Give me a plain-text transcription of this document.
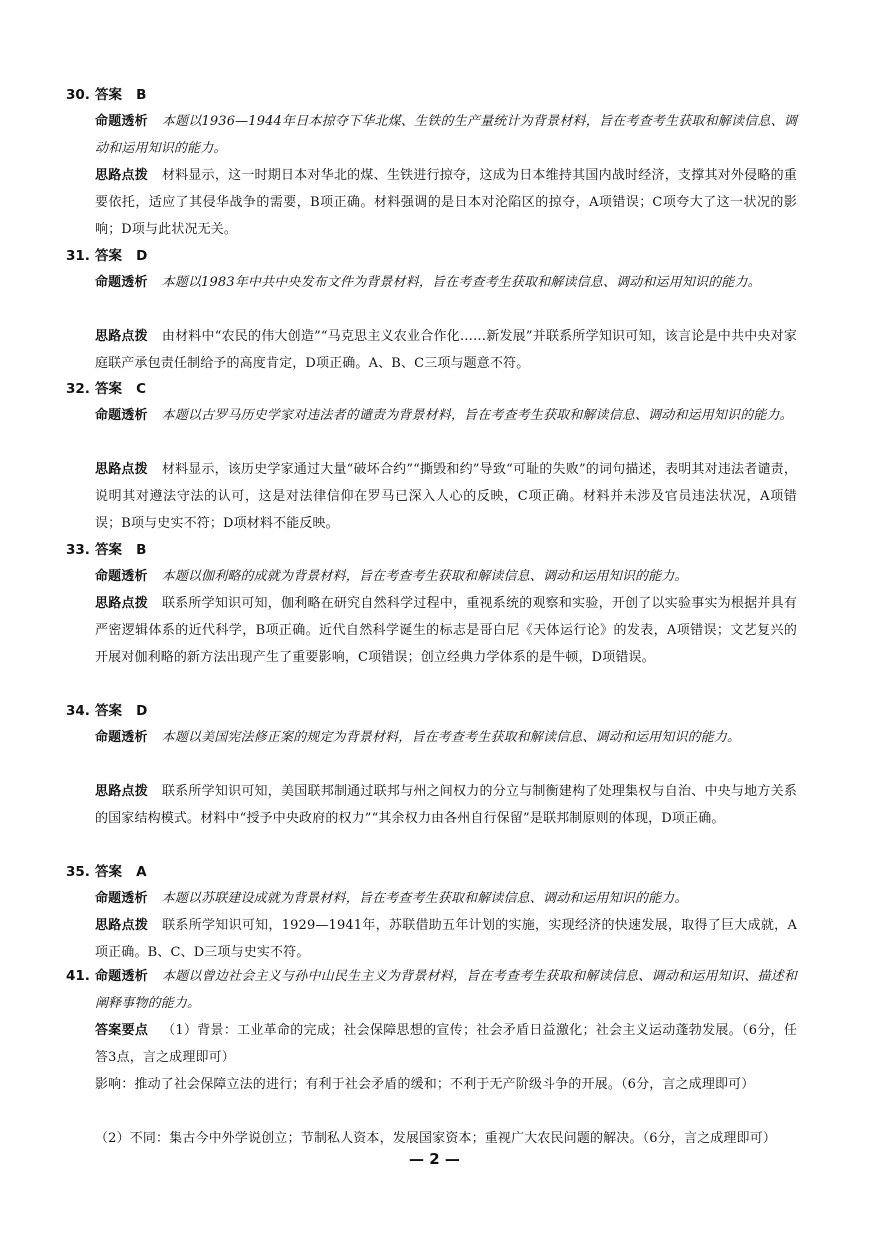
30. 答案 B
命题透析 本题以1936—1944年日本掠夺下华北煤、生铁的生产量统计为背景材料，旨在考查考生获取和解读信息、调动和运用知识的能力。
思路点拨 材料显示，这一时期日本对华北的煤、生铁进行掠夺，这成为日本维持其国内战时经济，支撑其对外侵略的重要依托，适应了其侵华战争的需要，B项正确。材料强调的是日本对沦陷区的掠夺，A项错误；C项夸大了这一状况的影响；D项与此状况无关。
31. 答案 D
命题透析 本题以1983年中共中央发布文件为背景材料，旨在考查考生获取和解读信息、调动和运用知识的能力。
思路点拨 由材料中“农民的伟大创造”“马克思主义农业合作化……新发展”并联系所学知识可知，该言论是中共中央对家庭联产承包责任制给予的高度肯定，D项正确。A、B、C三项与题意不符。
32. 答案 C
命题透析 本题以古罗马历史学家对违法者的谴责为背景材料，旨在考查考生获取和解读信息、调动和运用知识的能力。
思路点拨 材料显示，该历史学家通过大量“破坏合约”“撕毁和约”导致“可耻的失败”的词句描述，表明其对违法者谴责，说明其对遵法守法的认可，这是对法律信仰在罗马已深入人心的反映，C项正确。材料并未涉及官员违法状况，A项错误；B项与史实不符；D项材料不能反映。
33. 答案 B
命题透析 本题以伽利略的成就为背景材料，旨在考查考生获取和解读信息、调动和运用知识的能力。
思路点拨 联系所学知识可知，伽利略在研究自然科学过程中，重视系统的观察和实验，开创了以实验事实为根据并具有严密逻辑体系的近代科学，B项正确。近代自然科学诞生的标志是哥白尼《天体运行论》的发表，A项错误；文艺复兴的开展对伽利略的新方法出现产生了重要影响，C项错误；创立经典力学体系的是牛顿，D项错误。
34. 答案 D
命题透析 本题以美国宪法修正案的规定为背景材料，旨在考查考生获取和解读信息、调动和运用知识的能力。
思路点拨 联系所学知识可知，美国联邦制通过联邦与州之间权力的分立与制衡建构了处理集权与自治、中央与地方关系的国家结构模式。材料中“授予中央政府的权力”“其余权力由各州自行保留”是联邦制原则的体现，D项正确。
35. 答案 A
命题透析 本题以苏联建设成就为背景材料，旨在考查考生获取和解读信息、调动和运用知识的能力。
思路点拨 联系所学知识可知，1929—1941年，苏联借助五年计划的实施，实现经济的快速发展，取得了巨大成就，A项正确。B、C、D三项与史实不符。
41. 命题透析 本题以曾边社会主义与孙中山民生主义为背景材料，旨在考查考生获取和解读信息、调动和运用知识、描述和阐释事物的能力。
答案要点 （1）背景：工业革命的完成；社会保障思想的宣传；社会矛盾日益激化；社会主义运动蓬勃发展。（6分，任答3点，言之成理即可）
影响：推动了社会保障立法的进行；有利于社会矛盾的缓和；不利于无产阶级斗争的开展。（6分，言之成理即可）
（2）不同：集古今中外学说创立；节制私人资本，发展国家资本；重视广大农民问题的解决。（6分，言之成理即可）
— 2 —
